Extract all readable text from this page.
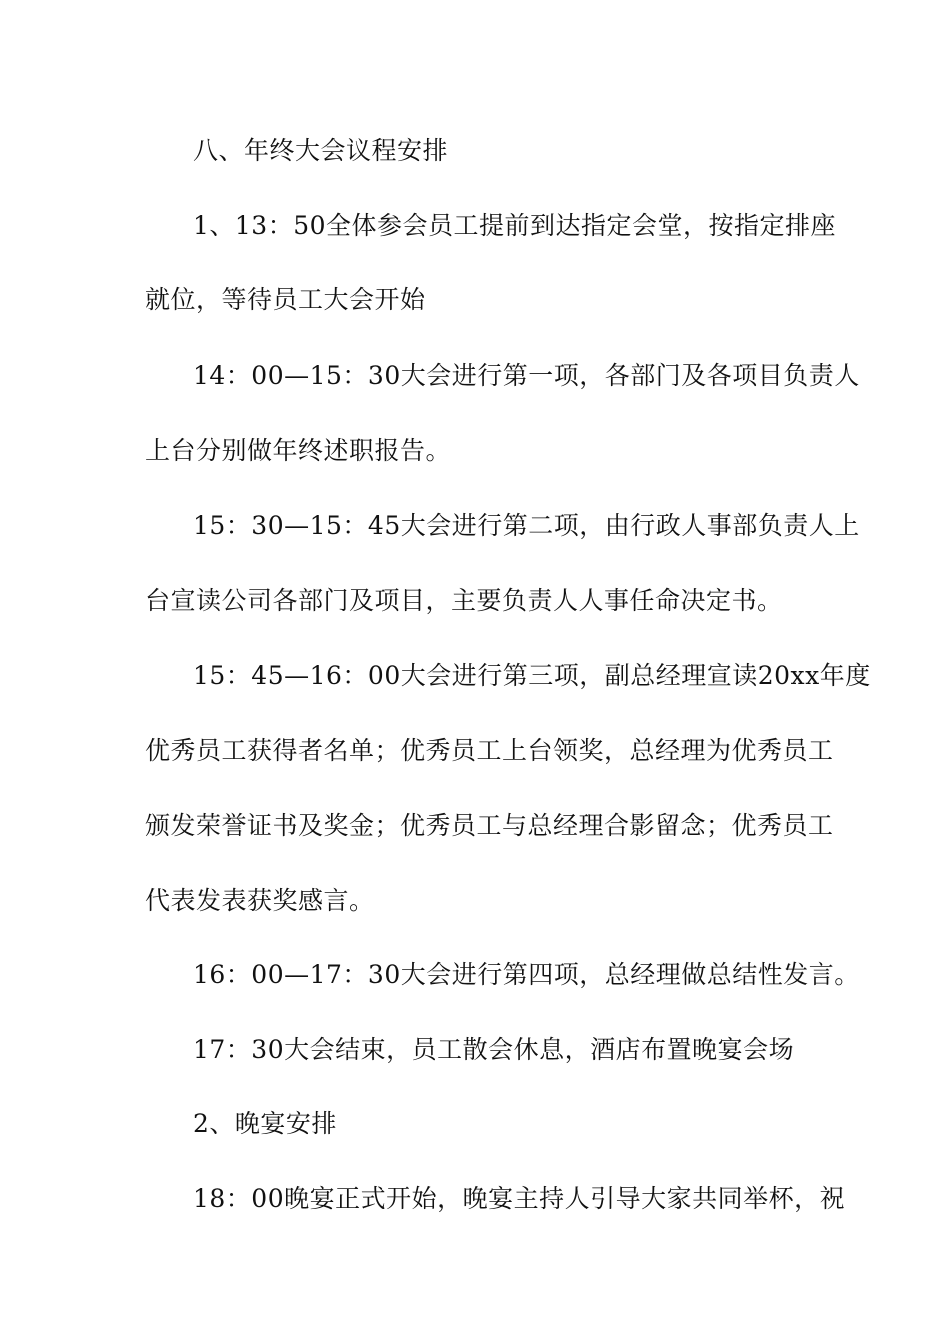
八、年终大会议程安排
1、13：50全体参会员工提前到达指定会堂，按指定排座
就位，等待员工大会开始
14：00—15：30大会进行第一项，各部门及各项目负责人
上台分别做年终述职报告。
15：30—15：45大会进行第二项，由行政人事部负责人上
台宣读公司各部门及项目，主要负责人人事任命决定书。
15：45—16：00大会进行第三项，副总经理宣读20xx年度
优秀员工获得者名单；优秀员工上台领奖，总经理为优秀员工
颁发荣誉证书及奖金；优秀员工与总经理合影留念；优秀员工
代表发表获奖感言。
16：00—17：30大会进行第四项，总经理做总结性发言。
17：30大会结束，员工散会休息，酒店布置晚宴会场
2、晚宴安排
18：00晚宴正式开始，晚宴主持人引导大家共同举杯，祝
